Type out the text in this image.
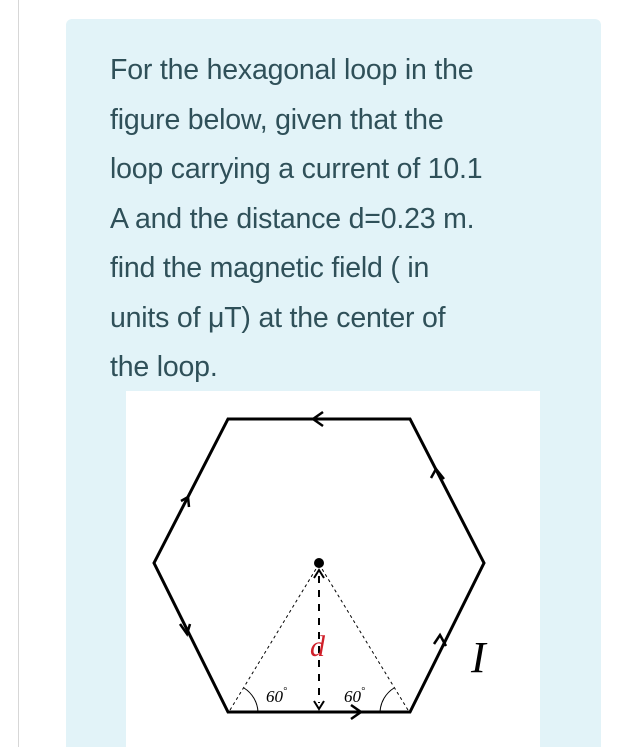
For the hexagonal loop in the
figure below, given that the
loop carrying a current of 10.1
A and the distance d=0.23 m.
find the magnetic field ( in
units of μT) at the center of
the loop.

d	I
60°	60°
